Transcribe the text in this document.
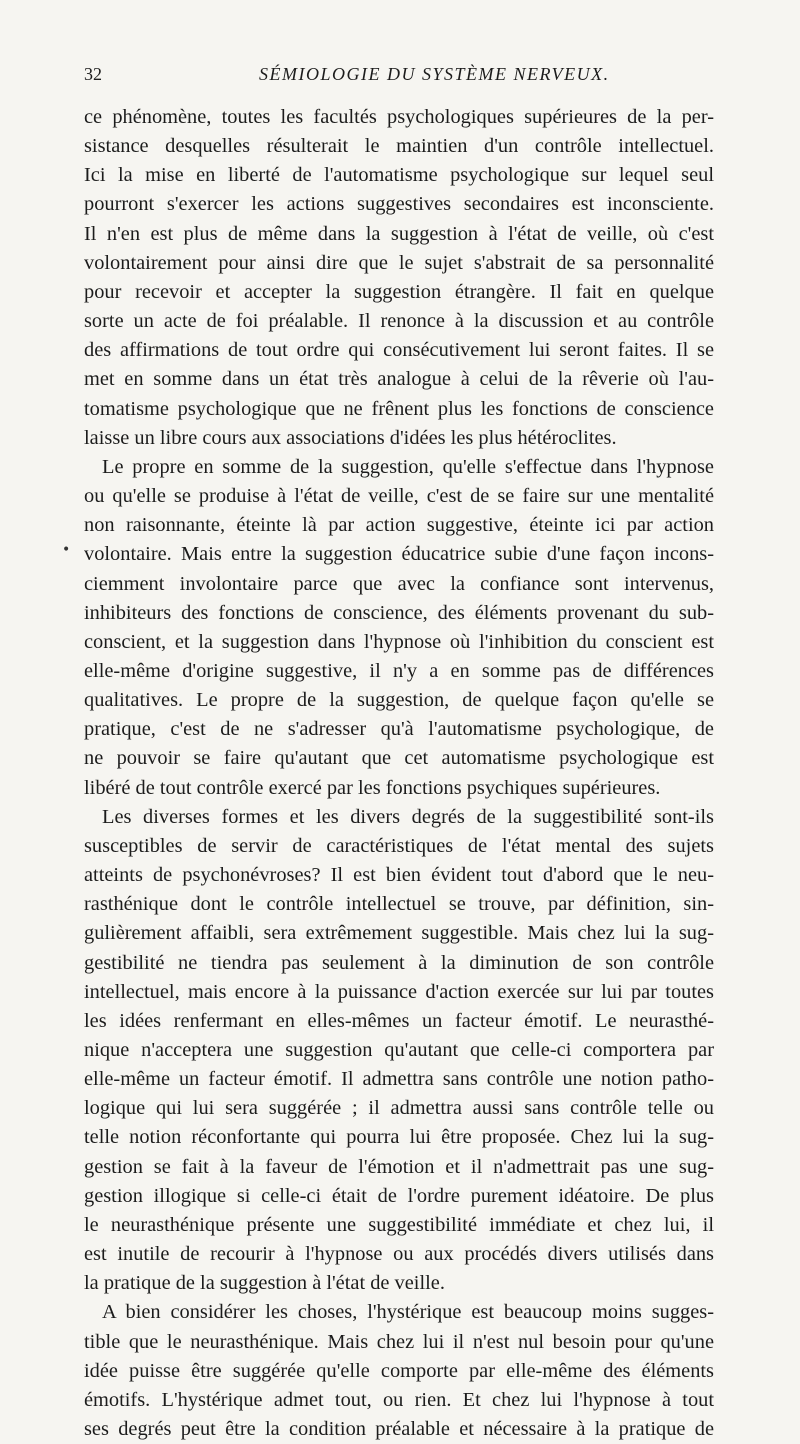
32	SÉMIOLOGIE DU SYSTÈME NERVEUX.
•
ce phénomène, toutes les facultés psychologiques supérieures de la per-
sistance desquelles résulterait le maintien d'un contrôle intellectuel.
Ici la mise en liberté de l'automatisme psychologique sur lequel seul
pourront s'exercer les actions suggestives secondaires est inconsciente.
Il n'en est plus de même dans la suggestion à l'état de veille, où c'est
volontairement pour ainsi dire que le sujet s'abstrait de sa personnalité
pour recevoir et accepter la suggestion étrangère. Il fait en quelque
sorte un acte de foi préalable. Il renonce à la discussion et au contrôle
des affirmations de tout ordre qui consécutivement lui seront faites. Il se
met en somme dans un état très analogue à celui de la rêverie où l'au-
tomatisme psychologique que ne frênent plus les fonctions de conscience
laisse un libre cours aux associations d'idées les plus hétéroclites.
Le propre en somme de la suggestion, qu'elle s'effectue dans l'hypnose
ou qu'elle se produise à l'état de veille, c'est de se faire sur une mentalité
non raisonnante, éteinte là par action suggestive, éteinte ici par action
volontaire. Mais entre la suggestion éducatrice subie d'une façon incons-
ciemment involontaire parce que avec la confiance sont intervenus,
inhibiteurs des fonctions de conscience, des éléments provenant du sub-
conscient, et la suggestion dans l'hypnose où l'inhibition du conscient est
elle-même d'origine suggestive, il n'y a en somme pas de différences
qualitatives. Le propre de la suggestion, de quelque façon qu'elle se
pratique, c'est de ne s'adresser qu'à l'automatisme psychologique, de
ne pouvoir se faire qu'autant que cet automatisme psychologique est
libéré de tout contrôle exercé par les fonctions psychiques supérieures.
Les diverses formes et les divers degrés de la suggestibilité sont-ils
susceptibles de servir de caractéristiques de l'état mental des sujets
atteints de psychonévroses? Il est bien évident tout d'abord que le neu-
rasthénique dont le contrôle intellectuel se trouve, par définition, sin-
gulièrement affaibli, sera extrêmement suggestible. Mais chez lui la sug-
gestibilité ne tiendra pas seulement à la diminution de son contrôle
intellectuel, mais encore à la puissance d'action exercée sur lui par toutes
les idées renfermant en elles-mêmes un facteur émotif. Le neurasthé-
nique n'acceptera une suggestion qu'autant que celle-ci comportera par
elle-même un facteur émotif. Il admettra sans contrôle une notion patho-
logique qui lui sera suggérée ; il admettra aussi sans contrôle telle ou
telle notion réconfortante qui pourra lui être proposée. Chez lui la sug-
gestion se fait à la faveur de l'émotion et il n'admettrait pas une sug-
gestion illogique si celle-ci était de l'ordre purement idéatoire. De plus
le neurasthénique présente une suggestibilité immédiate et chez lui, il
est inutile de recourir à l'hypnose ou aux procédés divers utilisés dans
la pratique de la suggestion à l'état de veille.
A bien considérer les choses, l'hystérique est beaucoup moins sugges-
tible que le neurasthénique. Mais chez lui il n'est nul besoin pour qu'une
idée puisse être suggérée qu'elle comporte par elle-même des éléments
émotifs. L'hystérique admet tout, ou rien. Et chez lui l'hypnose à tout
ses degrés peut être la condition préalable et nécessaire à la pratique de
